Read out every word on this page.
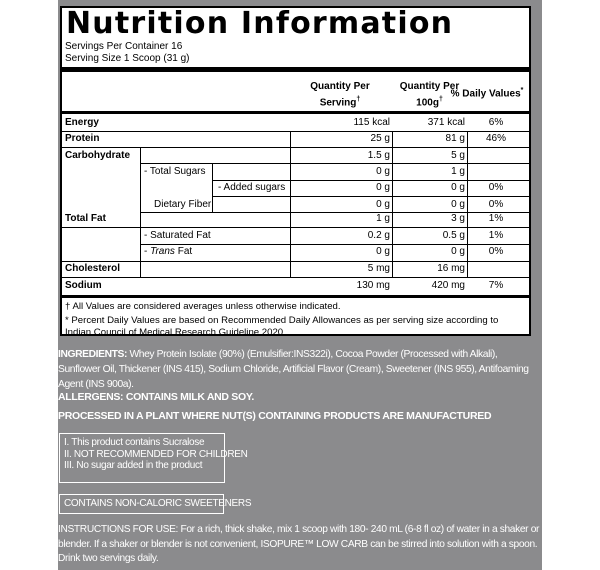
Nutrition Information
Servings Per Container 16
Serving Size 1 Scoop (31 g)
Quantity Per Serving†
Quantity Per 100g†
% Daily Values*
Energy	115 kcal	371 kcal	6%
Protein	25 g	81 g	46%
Carbohydrate	1.5 g	5 g
- Total Sugars	0 g	1 g
- Added sugars	0 g	0 g	0%
Dietary Fiber	0 g	0 g	0%
Total Fat	1 g	3 g	1%
- Saturated Fat	0.2 g	0.5 g	1%
- Trans Fat	0 g	0 g	0%
Cholesterol	5 mg	16 mg
Sodium	130 mg	420 mg	7%
† All Values are considered averages unless otherwise indicated.
* Percent Daily Values are based on Recommended Daily Allowances as per serving size according to Indian Council of Medical Research Guideline 2020.
INGREDIENTS: Whey Protein Isolate (90%) (Emulsifier:INS322i), Cocoa Powder (Processed with Alkali), Sunflower Oil, Thickener (INS 415), Sodium Chloride, Artificial Flavor (Cream), Sweetener (INS 955), Antifoaming Agent (INS 900a).
ALLERGENS: CONTAINS MILK AND SOY.
PROCESSED IN A PLANT WHERE NUT(S) CONTAINING PRODUCTS ARE MANUFACTURED
I. This product contains Sucralose
II. NOT RECOMMENDED FOR CHILDREN
III. No sugar added in the product
CONTAINS NON-CALORIC SWEETENERS
INSTRUCTIONS FOR USE: For a rich, thick shake, mix 1 scoop with 180- 240 mL (6-8 fl oz) of water in a shaker or blender. If a shaker or blender is not convenient, ISOPURE™ LOW CARB can be stirred into solution with a spoon. Drink two servings daily.
